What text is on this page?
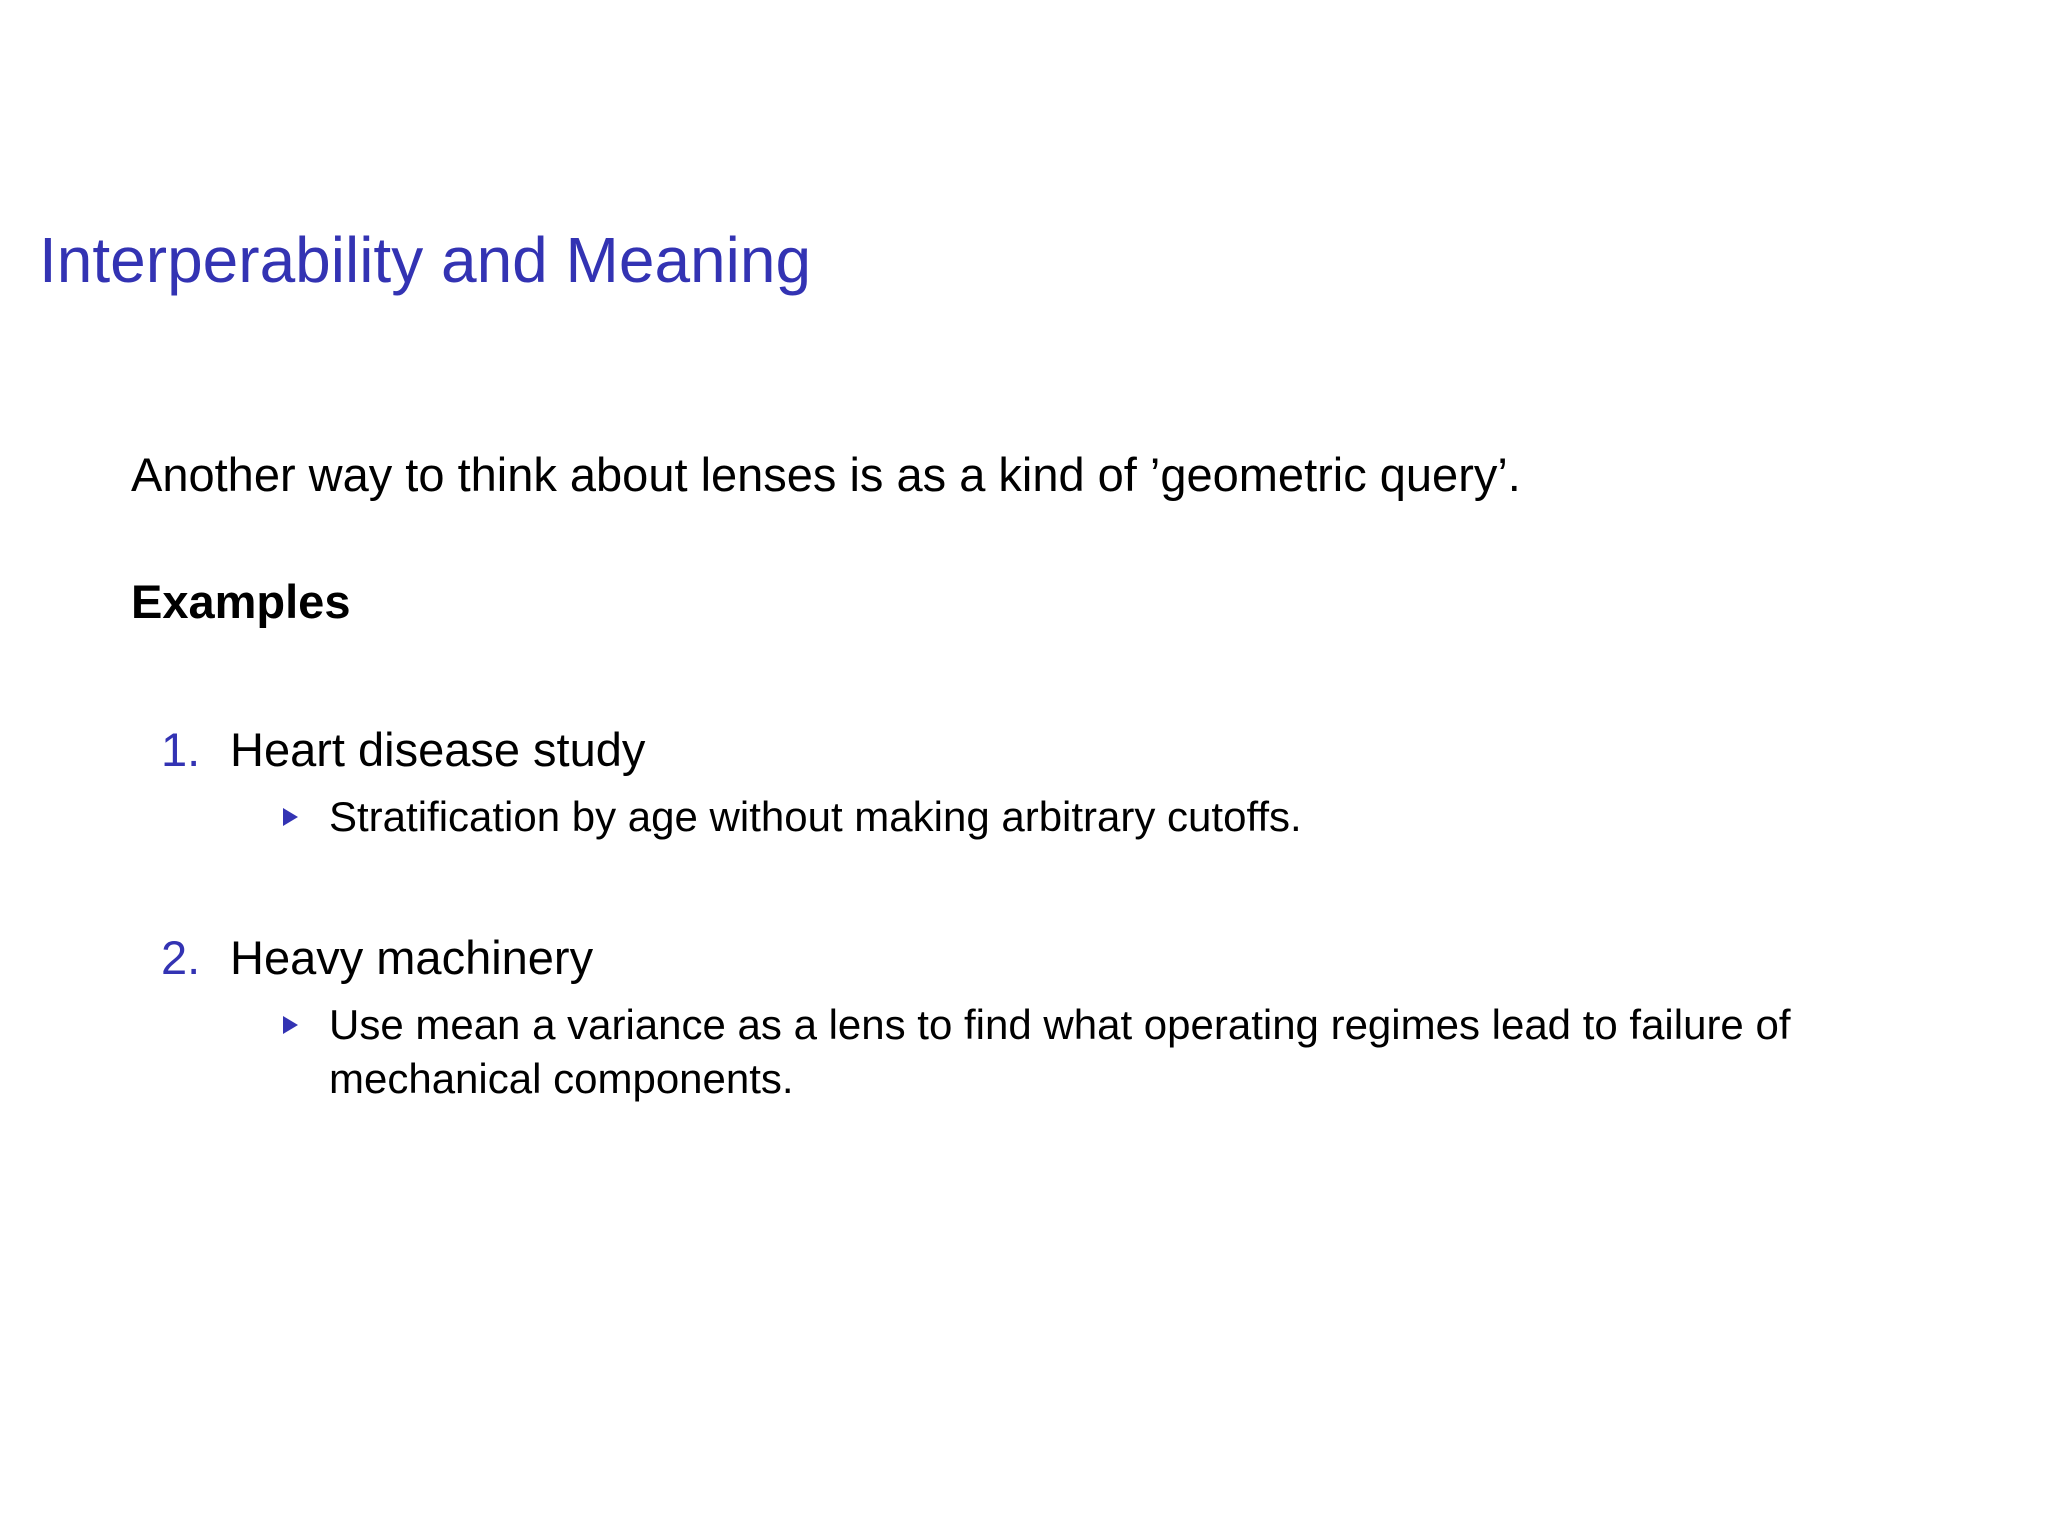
Interperability and Meaning

Another way to think about lenses is as a kind of ’geometric query’.

Examples
1. Heart disease study
Stratification by age without making arbitrary cutoffs.
2. Heavy machinery
Use mean a variance as a lens to find what operating regimes lead to failure of mechanical components.
